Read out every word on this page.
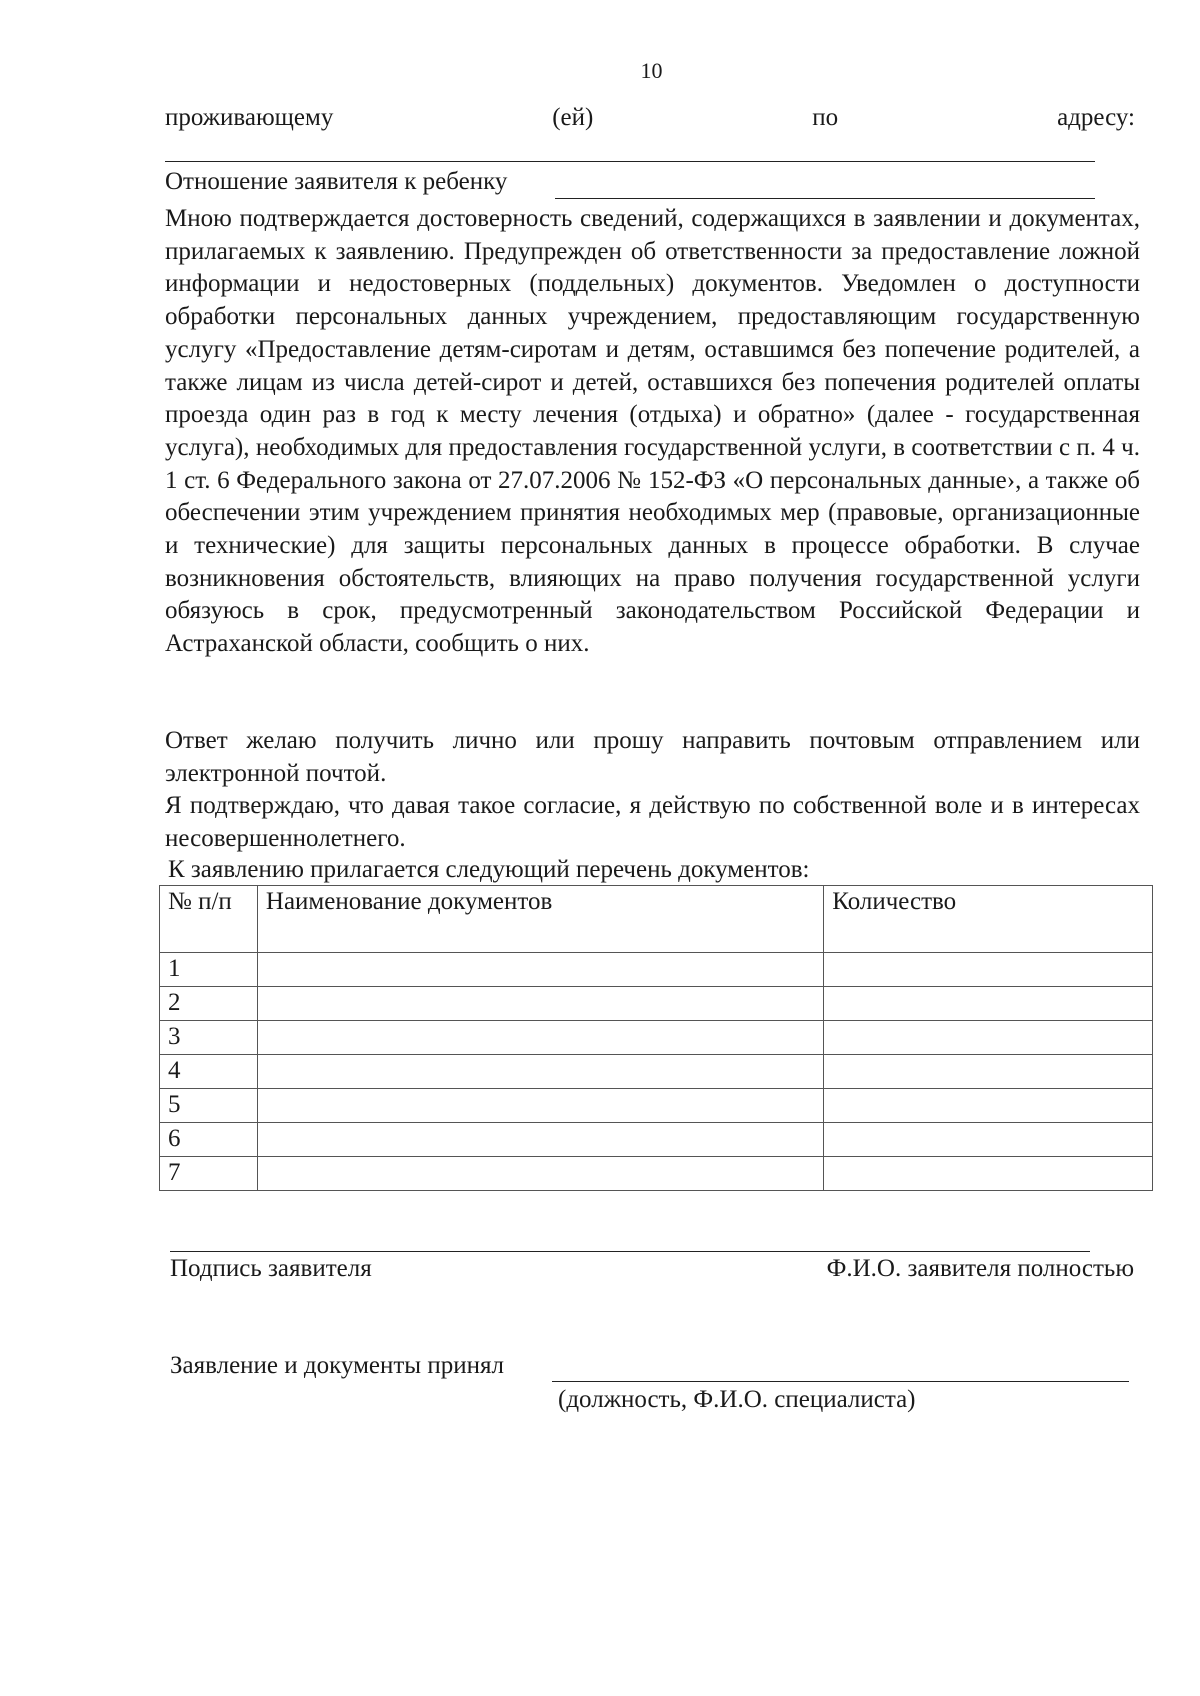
10
проживающему	(ей)	по	адресу:
Отношение заявителя к ребенку

Мною подтверждается достоверность сведений, содержащихся в заявлении и документах, прилагаемых к заявлению. Предупрежден об ответственности за предоставление ложной информации и недостоверных (поддельных) документов. Уведомлен о доступности обработки персональных данных учреждением, предоставляющим государственную услугу «Предоставление детям-сиротам и детям, оставшимся без попечение родителей, а также лицам из числа детей-сирот и детей, оставшихся без попечения родителей оплаты проезда один раз в год к месту лечения (отдыха) и обратно» (далее - государственная услуга), необходимых для предоставления государственной услуги, в соответствии с п. 4 ч. 1 ст. 6 Федерального закона от 27.07.2006 № 152-ФЗ «О персональных данные›, а также об обеспечении этим учреждением принятия необходимых мер (правовые, организационные и технические) для защиты персональных данных в процессе обработки. В случае возникновения обстоятельств, влияющих на право получения государственной услуги обязуюсь в срок, предусмотренный законодательством Российской Федерации и Астраханской области, сообщить о них.

Ответ желаю получить лично или прошу направить почтовым отправлением или электронной почтой.

Я подтверждаю, что давая такое согласие, я действую по собственной воле и в интересах несовершеннолетнего.

К заявлению прилагается следующий перечень документов:
№ п/п	Наименование документов	Количество
1		
2		
3		
4		
5		
6		
7		
Подпись заявителя	Ф.И.О. заявителя полностью
Заявление и документы принял
(должность, Ф.И.О. специалиста)
